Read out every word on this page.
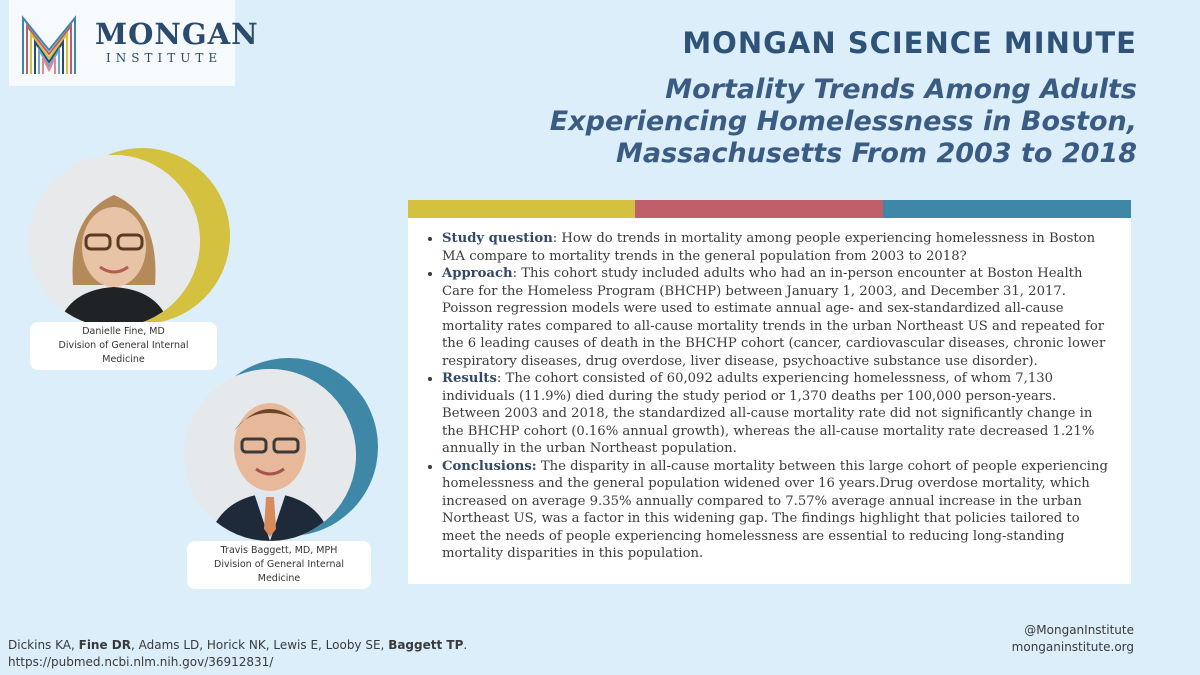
MONGAN
INSTITUTE	MONGAN SCIENCE MINUTE
Mortality Trends Among Adults Experiencing Homelessness in Boston, Massachusetts From 2003 to 2018
Danielle Fine, MD
Division of General Internal Medicine
Travis Baggett, MD, MPH
Division of General Internal Medicine
• Study question: How do trends in mortality among people experiencing homelessness in Boston MA compare to mortality trends in the general population from 2003 to 2018?
• Approach: This cohort study included adults who had an in-person encounter at Boston Health Care for the Homeless Program (BHCHP) between January 1, 2003, and December 31, 2017. Poisson regression models were used to estimate annual age- and sex-standardized all-cause mortality rates compared to all-cause mortality trends in the urban Northeast US and repeated for the 6 leading causes of death in the BHCHP cohort (cancer, cardiovascular diseases, chronic lower respiratory diseases, drug overdose, liver disease, psychoactive substance use disorder).
• Results: The cohort consisted of 60,092 adults experiencing homelessness, of whom 7,130 individuals (11.9%) died during the study period or 1,370 deaths per 100,000 person-years. Between 2003 and 2018, the standardized all-cause mortality rate did not significantly change in the BHCHP cohort (0.16% annual growth), whereas the all-cause mortality rate decreased 1.21% annually in the urban Northeast population.
• Conclusions: The disparity in all-cause mortality between this large cohort of people experiencing homelessness and the general population widened over 16 years.Drug overdose mortality, which increased on average 9.35% annually compared to 7.57% average annual increase in the urban Northeast US, was a factor in this widening gap. The findings highlight that policies tailored to meet the needs of people experiencing homelessness are essential to reducing long-standing mortality disparities in this population.
Dickins KA, Fine DR, Adams LD, Horick NK, Lewis E, Looby SE, Baggett TP.
https://pubmed.ncbi.nlm.nih.gov/36912831/
@MonganInstitute
monganinstitute.org
